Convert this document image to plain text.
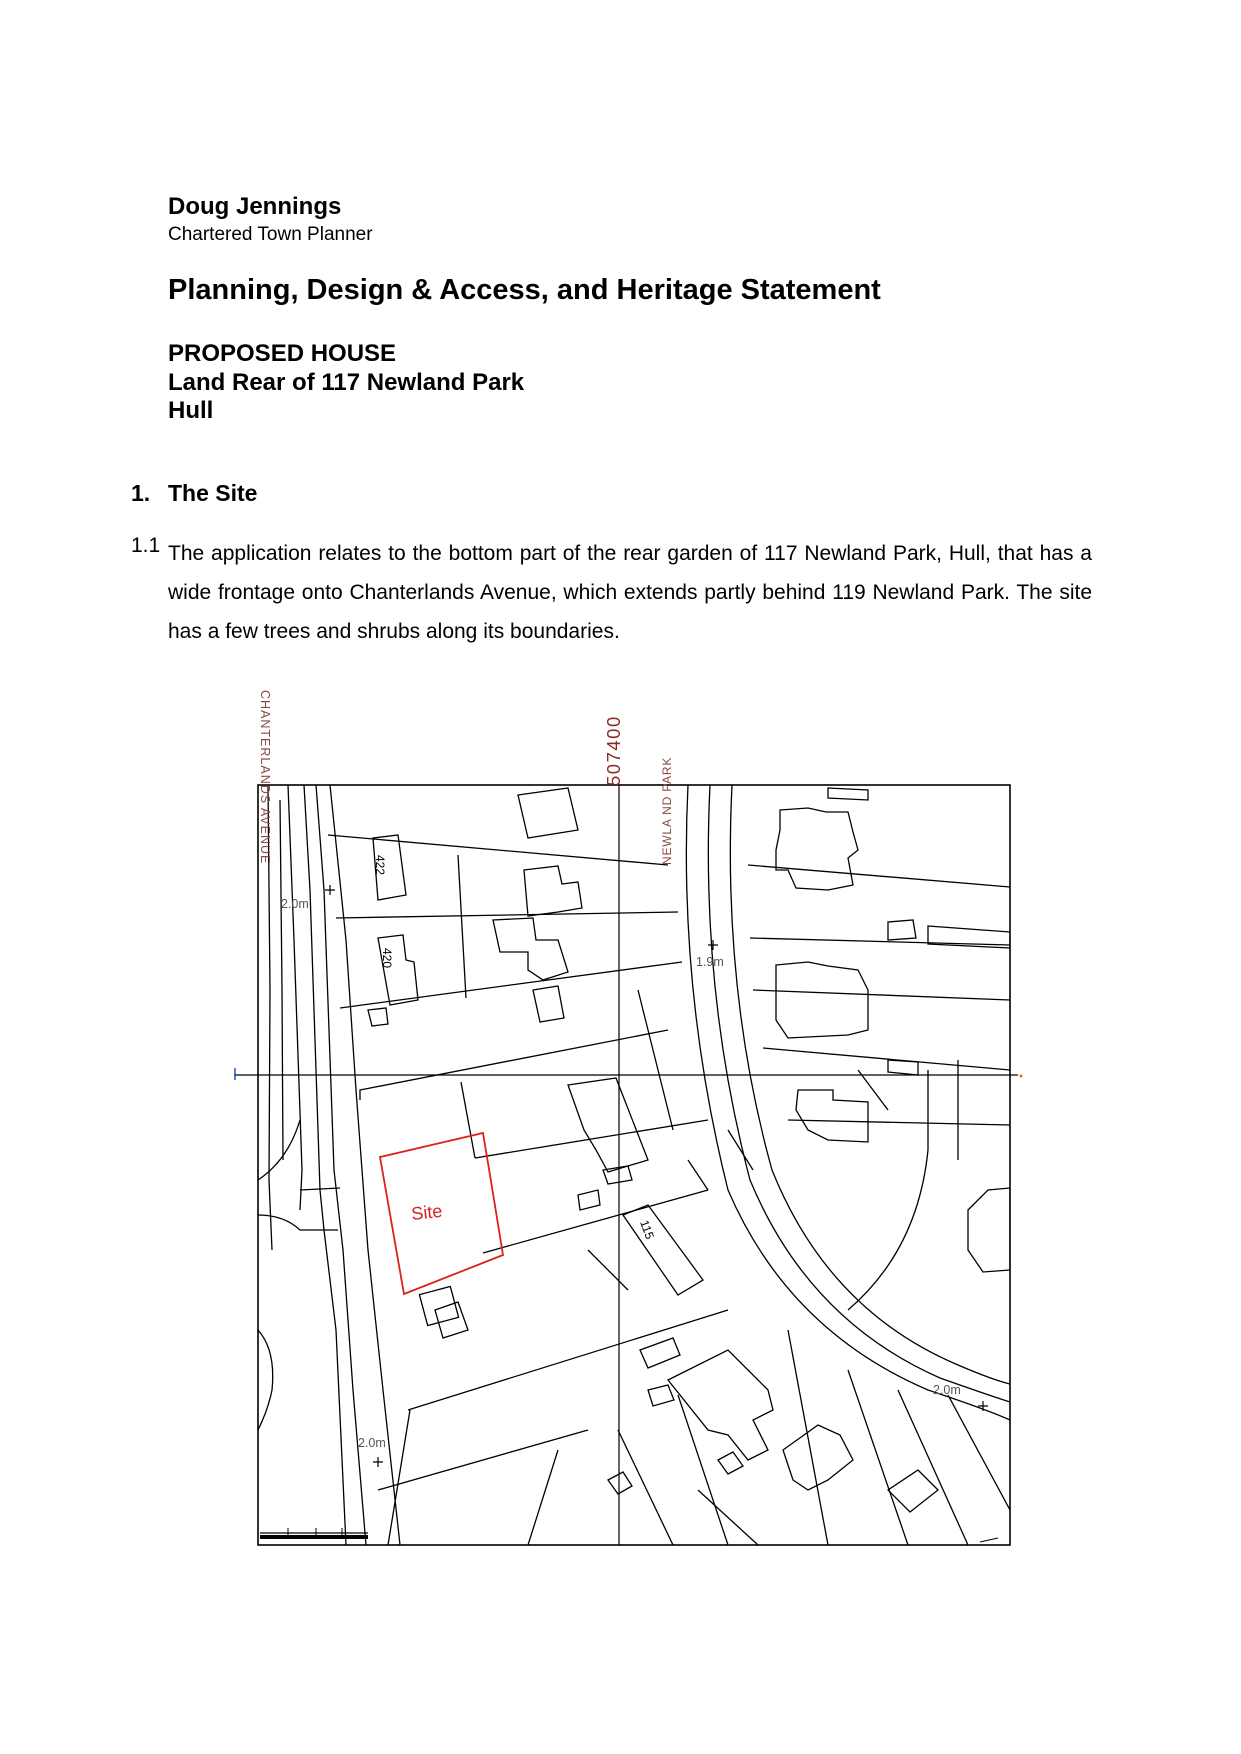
Doug Jennings
Chartered Town Planner
Planning, Design & Access, and Heritage Statement
PROPOSED HOUSE
Land Rear of 117 Newland Park
Hull
1. The Site
1.1 The application relates to the bottom part of the rear garden of 117 Newland Park, Hull, that has a wide frontage onto Chanterlands Avenue, which extends partly behind 119 Newland Park. The site has a few trees and shrubs along its boundaries.
CHANTERLANDS AVENUE	NEWLA ND PARK
507400
422
420
115
Site
2.0m
1.9m
2.0m
2.0m
